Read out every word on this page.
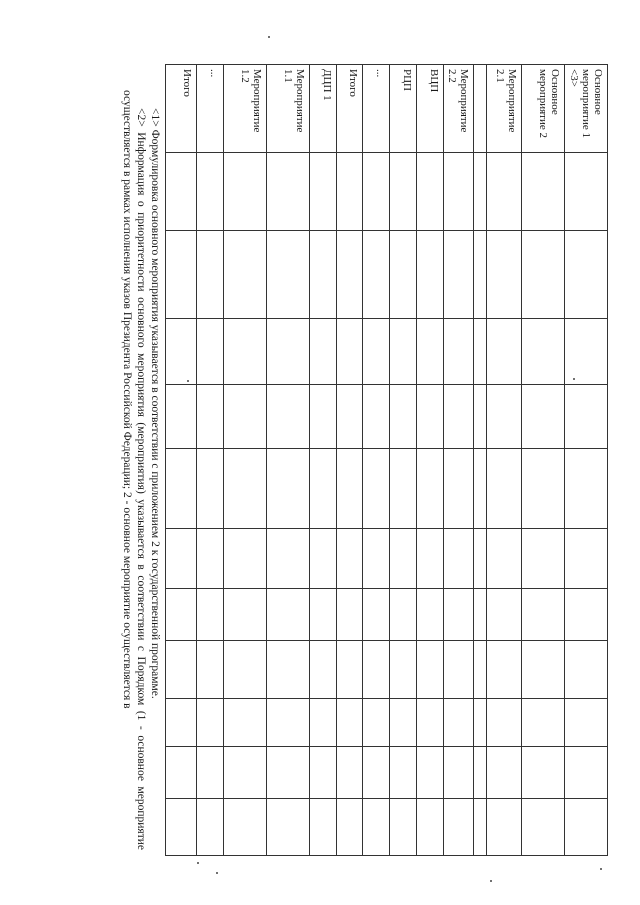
Основное мероприятие 1 <3>											
Основное мероприятие 2											
Мероприятие 2.1											

Мероприятие 2.2											
ВЦП											
РЦП											
...											
Итого											
ДЦП 1											
Мероприятие 1.1											
Мероприятие 1.2											
...											
Итого											

<1> Формулировка основного мероприятия указывается в соответствии с приложением 2 к государственной программе.

<2> Информация о приоритетности основного мероприятия (мероприятия) указывается в соответствии с Порядком (1 - основное мероприятие осуществляется в рамках исполнения указов Президента Российской Федерации; 2 - основное мероприятие осуществляется в
